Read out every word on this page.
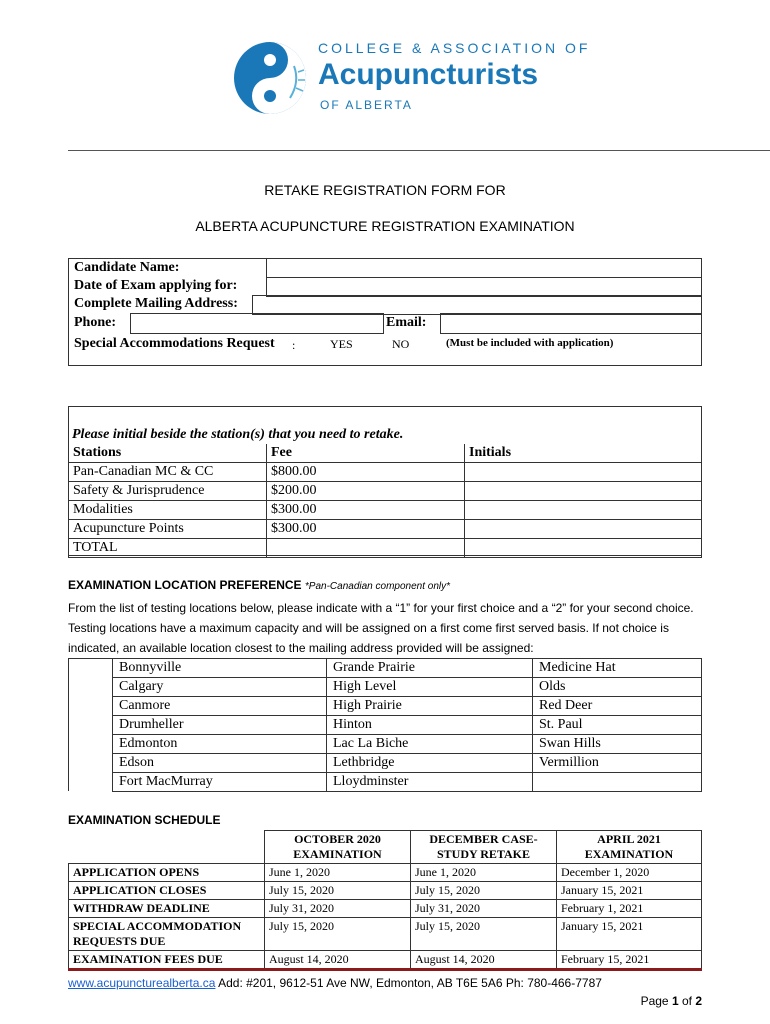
COLLEGE & ASSOCIATION OF
Acupuncturists
OF ALBERTA
RETAKE REGISTRATION FORM FOR
ALBERTA ACUPUNCTURE REGISTRATION EXAMINATION
Candidate Name:
Date of Exam applying for:
Complete Mailing Address:
Phone:	Email:
Special Accommodations Request :	YES	NO	(Must be included with application)
Please initial beside the station(s) that you need to retake.
Stations	Fee	Initials
Pan-Canadian MC & CC	$800.00	
Safety & Jurisprudence	$200.00	
Modalities	$300.00	
Acupuncture Points	$300.00	
TOTAL		
EXAMINATION LOCATION PREFERENCE *Pan-Canadian component only*
From the list of testing locations below, please indicate with a “1” for your first choice and a “2” for your second choice. Testing locations have a maximum capacity and will be assigned on a first come first served basis. If not choice is indicated, an available location closest to the mailing address provided will be assigned:
Bonnyville	Grande Prairie	Medicine Hat
Calgary	High Level	Olds
Canmore	High Prairie	Red Deer
Drumheller	Hinton	St. Paul
Edmonton	Lac La Biche	Swan Hills
Edson	Lethbridge	Vermillion
Fort MacMurray	Lloydminster	
EXAMINATION SCHEDULE
	OCTOBER 2020 EXAMINATION	DECEMBER CASE-STUDY RETAKE	APRIL 2021 EXAMINATION
APPLICATION OPENS	June 1, 2020	June 1, 2020	December 1, 2020
APPLICATION CLOSES	July 15, 2020	July 15, 2020	January 15, 2021
WITHDRAW DEADLINE	July 31, 2020	July 31, 2020	February 1, 2021
SPECIAL ACCOMMODATION REQUESTS DUE	July 15, 2020	July 15, 2020	January 15, 2021
EXAMINATION FEES DUE	August 14, 2020	August 14, 2020	February 15, 2021
www.acupuncturealberta.ca Add: #201, 9612-51 Ave NW, Edmonton, AB T6E 5A6 Ph: 780-466-7787
Page 1 of 2
